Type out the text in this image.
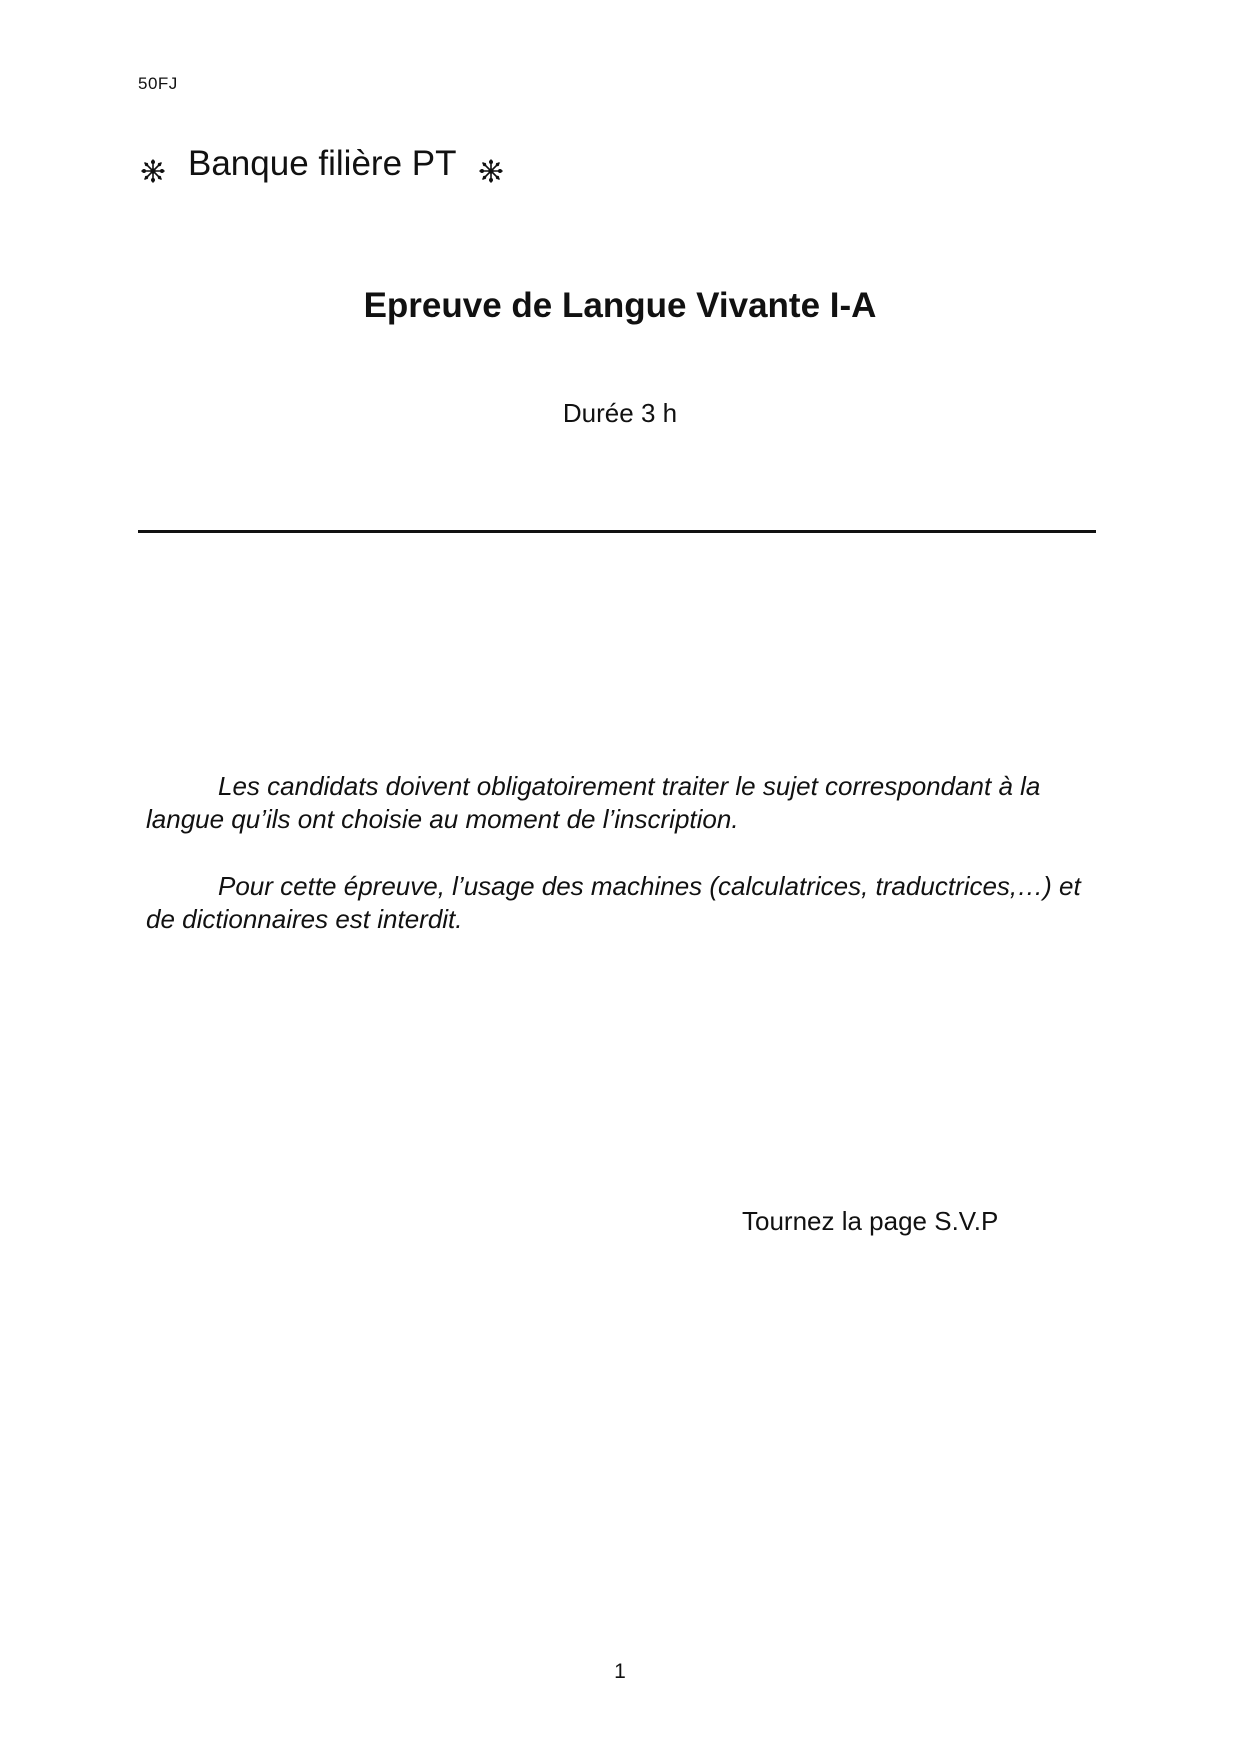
50FJ
Banque filière PT
Epreuve de Langue Vivante I-A
Durée 3 h

Les candidats doivent obligatoirement traiter le sujet correspondant à la langue qu’ils ont choisie au moment de l’inscription.

Pour cette épreuve, l’usage des machines (calculatrices, traductrices,…) et de dictionnaires est interdit.

Tournez la page S.V.P
1
